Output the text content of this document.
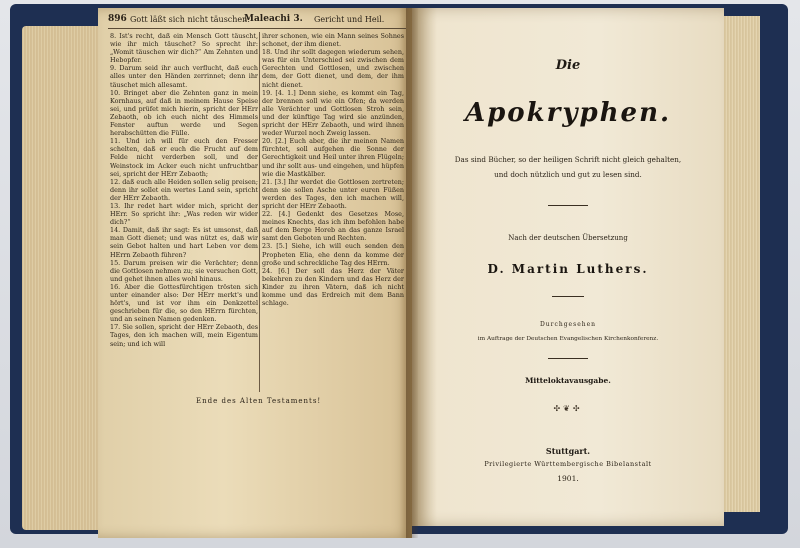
896 Gott läßt sich nicht täuschen.
Maleachi 3. Gericht und Heil.

8. Ist's recht, daß ein Mensch Gott täuscht, wie ihr mich täuschet? So sprecht ihr: „Womit täuschen wir dich?“ Am Zehnten und Hebopfer.

9. Darum seid ihr auch verflucht, daß euch alles unter den Händen zerrinnet; denn ihr täuschet mich allesamt.

10. Bringet aber die Zehnten ganz in mein Kornhaus, auf daß in meinem Hause Speise sei, und prüfet mich hierin, spricht der HErr Zebaoth, ob ich euch nicht des Himmels Fenster auftun werde und Segen herabschütten die Fülle.

11. Und ich will für euch den Fresser schelten, daß er euch die Frucht auf dem Felde nicht verderben soll, und der Weinstock im Acker euch nicht unfruchtbar sei, spricht der HErr Zebaoth;

12. daß euch alle Heiden sollen selig preisen; denn ihr sollet ein wertes Land sein, spricht der HErr Zebaoth.

13. Ihr redet hart wider mich, spricht der HErr. So spricht ihr: „Was reden wir wider dich?“

14. Damit, daß ihr sagt: Es ist umsonst, daß man Gott dienet; und was nützt es, daß wir sein Gebot halten und hart Leben vor dem HErrn Zebaoth führen?

15. Darum preisen wir die Verächter; denn die Gottlosen nehmen zu; sie versuchen Gott, und gehet ihnen alles wohl hinaus.

16. Aber die Gottesfürchtigen trösten sich unter einander also: Der HErr merkt's und hört's, und ist vor ihm ein Denkzettel geschrieben für die, so den HErrn fürchten, und an seinen Namen gedenken.

17. Sie sollen, spricht der HErr Zebaoth, des Tages, den ich machen will, mein Eigentum sein; und ich will

ihrer schonen, wie ein Mann seines Sohnes schonet, der ihm dienet.

18. Und ihr sollt dagegen wiederum sehen, was für ein Unterschied sei zwischen dem Gerechten und Gottlosen, und zwischen dem, der Gott dienet, und dem, der ihm nicht dienet.

19. [4. 1.] Denn siehe, es kommt ein Tag, der brennen soll wie ein Ofen; da werden alle Verächter und Gottlosen Stroh sein, und der künftige Tag wird sie anzünden, spricht der HErr Zebaoth, und wird ihnen weder Wurzel noch Zweig lassen.

20. [2.] Euch aber, die ihr meinen Namen fürchtet, soll aufgehen die Sonne der Gerechtigkeit und Heil unter ihren Flügeln; und ihr sollt aus- und eingehen, und hüpfen wie die Mastkälber.

21. [3.] Ihr werdet die Gottlosen zertreten; denn sie sollen Asche unter euren Füßen werden des Tages, den ich machen will, spricht der HErr Zebaoth.

22. [4.] Gedenkt des Gesetzes Mose, meines Knechts, das ich ihm befohlen habe auf dem Berge Horeb an das ganze Israel samt den Geboten und Rechten.

23. [5.] Siehe, ich will euch senden den Propheten Elia, ehe denn da komme der große und schreckliche Tag des HErrn.

24. [6.] Der soll das Herz der Väter bekehren zu den Kindern und das Herz der Kinder zu ihren Vätern, daß ich nicht komme und das Erdreich mit dem Bann schlage.

Ende des Alten Testaments!
Die
Apokryphen.
Das sind Bücher, so der heiligen Schrift nicht gleich gehalten,
und doch nützlich und gut zu lesen sind.
Nach der deutschen Übersetzung
D. Martin Luthers.
Durchgesehen
im Auftrage der Deutschen Evangelischen Kirchenkonferenz.
Mitteloktavausgabe.
✣❦✣
Stuttgart.
Privilegierte Württembergische Bibelanstalt
1901.
